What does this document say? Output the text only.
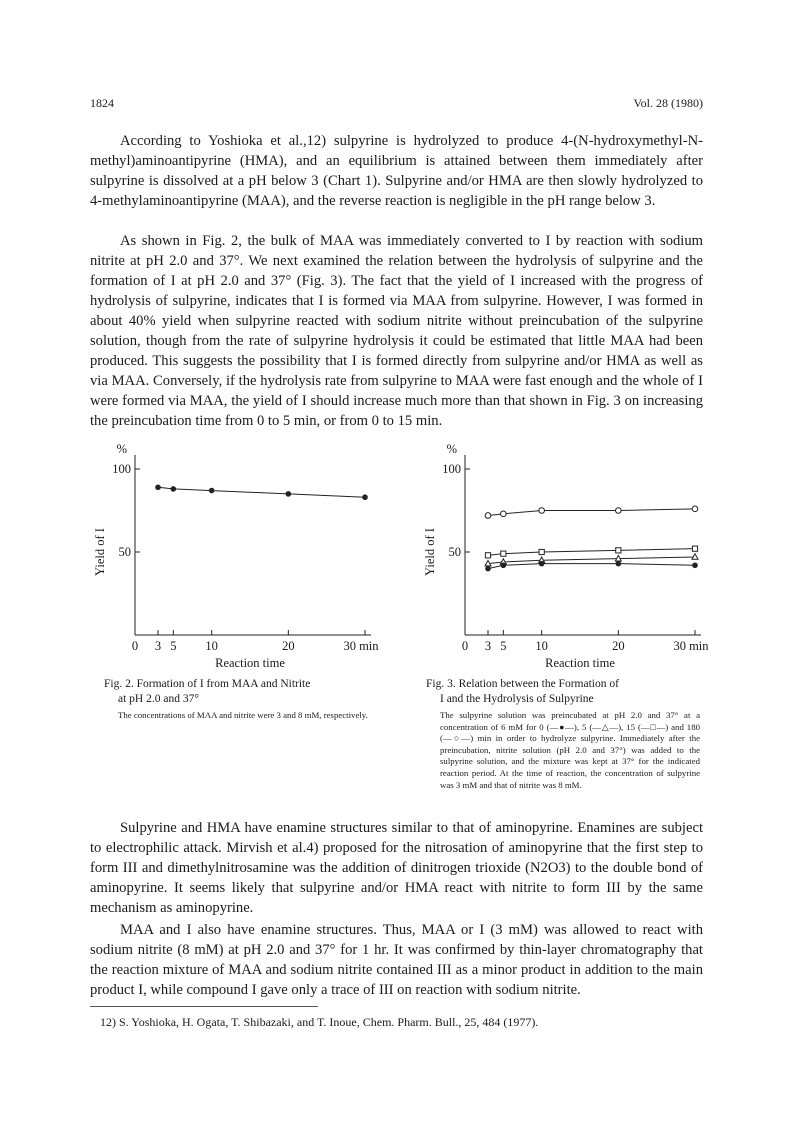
1824	Vol. 28 (1980)

According to Yoshioka et al.,12) sulpyrine is hydrolyzed to produce 4-(N-hydroxymethyl-N-methyl)aminoantipyrine (HMA), and an equilibrium is attained between them immediately after sulpyrine is dissolved at a pH below 3 (Chart 1). Sulpyrine and/or HMA are then slowly hydrolyzed to 4-methylaminoantipyrine (MAA), and the reverse reaction is negligible in the pH range below 3.

As shown in Fig. 2, the bulk of MAA was immediately converted to I by reaction with sodium nitrite at pH 2.0 and 37°. We next examined the relation between the hydrolysis of sulpyrine and the formation of I at pH 2.0 and 37° (Fig. 3). The fact that the yield of I increased with the progress of hydrolysis of sulpyrine, indicates that I is formed via MAA from sulpyrine. However, I was formed in about 40% yield when sulpyrine reacted with sodium nitrite without preincubation of the sulpyrine solution, though from the rate of sulpyrine hydrolysis it could be estimated that little MAA had been produced. This suggests the possibility that I is formed directly from sulpyrine and/or HMA as well as via MAA. Conversely, if the hydrolysis rate from sulpyrine to MAA were fast enough and the whole of I were formed via MAA, the yield of I should increase much more than that shown in Fig. 3 on increasing the preincubation time from 0 to 5 min, or from 0 to 15 min.

%
50
100
0 3 5 10	20	30 min
Reaction time
Yield of I

Fig. 2. Formation of I from MAA and Nitrite
at pH 2.0 and 37°

The concentrations of MAA and nitrite were 3 and 8 mM, respectively.

%
50
100
0 3 5 10	20	30 min
Reaction time
Yield of I

Fig. 3. Relation between the Formation of
I and the Hydrolysis of Sulpyrine

The sulpyrine solution was preincubated at pH 2.0 and 37° at a concentration of 6 mM for 0 (—●—), 5 (—△—), 15 (—□—) and 180 (—○—) min in order to hydrolyze sulpyrine. Immediately after the preincubation, nitrite solution (pH 2.0 and 37°) was added to the sulpyrine solution, and the mixture was kept at 37° for the indicated reaction period. At the time of reaction, the concentration of sulpyrine was 3 mM and that of nitrite was 8 mM.

Sulpyrine and HMA have enamine structures similar to that of aminopyrine. Enamines are subject to electrophilic attack. Mirvish et al.4) proposed for the nitrosation of aminopyrine that the first step to form III and dimethylnitrosamine was the addition of dinitrogen trioxide (N2O3) to the double bond of aminopyrine. It seems likely that sulpyrine and/or HMA react with nitrite to form III by the same mechanism as aminopyrine.

MAA and I also have enamine structures. Thus, MAA or I (3 mM) was allowed to react with sodium nitrite (8 mM) at pH 2.0 and 37° for 1 hr. It was confirmed by thin-layer chromatography that the reaction mixture of MAA and sodium nitrite contained III as a minor product in addition to the main product I, while compound I gave only a trace of III on reaction with sodium nitrite.

12) S. Yoshioka, H. Ogata, T. Shibazaki, and T. Inoue, Chem. Pharm. Bull., 25, 484 (1977).
